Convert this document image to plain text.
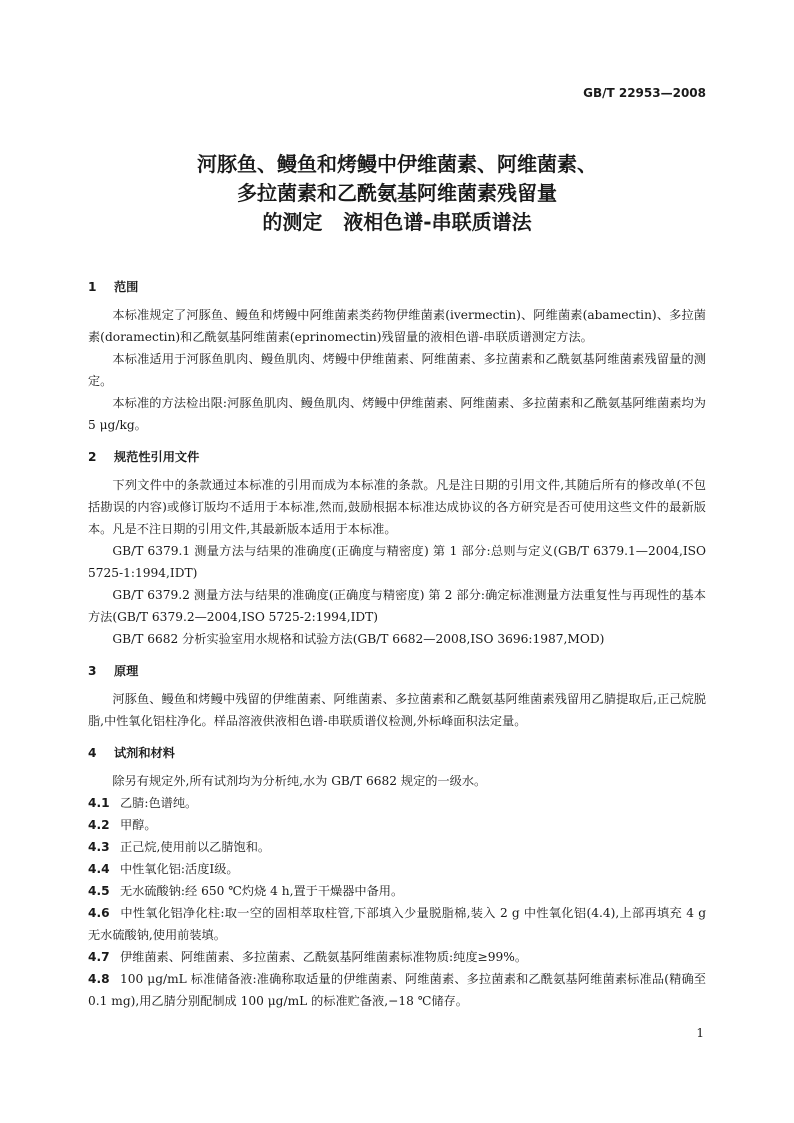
GB/T 22953—2008
河豚鱼、鳗鱼和烤鳗中伊维菌素、阿维菌素、
多拉菌素和乙酰氨基阿维菌素残留量
的测定   液相色谱-串联质谱法
1 范围

本标准规定了河豚鱼、鳗鱼和烤鳗中阿维菌素类药物伊维菌素(ivermectin)、阿维菌素(abamectin)、多拉菌素(doramectin)和乙酰氨基阿维菌素(eprinomectin)残留量的液相色谱-串联质谱测定方法。

本标准适用于河豚鱼肌肉、鳗鱼肌肉、烤鳗中伊维菌素、阿维菌素、多拉菌素和乙酰氨基阿维菌素残留量的测定。

本标准的方法检出限:河豚鱼肌肉、鳗鱼肌肉、烤鳗中伊维菌素、阿维菌素、多拉菌素和乙酰氨基阿维菌素均为 5 μg/kg。

2 规范性引用文件

下列文件中的条款通过本标准的引用而成为本标准的条款。凡是注日期的引用文件,其随后所有的修改单(不包括勘误的内容)或修订版均不适用于本标准,然而,鼓励根据本标准达成协议的各方研究是否可使用这些文件的最新版本。凡是不注日期的引用文件,其最新版本适用于本标准。

GB/T 6379.1 测量方法与结果的准确度(正确度与精密度) 第 1 部分:总则与定义(GB/T 6379.1—2004,ISO 5725-1:1994,IDT)

GB/T 6379.2 测量方法与结果的准确度(正确度与精密度) 第 2 部分:确定标准测量方法重复性与再现性的基本方法(GB/T 6379.2—2004,ISO 5725-2:1994,IDT)

GB/T 6682 分析实验室用水规格和试验方法(GB/T 6682—2008,ISO 3696:1987,MOD)

3 原理

河豚鱼、鳗鱼和烤鳗中残留的伊维菌素、阿维菌素、多拉菌素和乙酰氨基阿维菌素残留用乙腈提取后,正己烷脱脂,中性氧化铝柱净化。样品溶液供液相色谱-串联质谱仪检测,外标峰面积法定量。

4 试剂和材料

除另有规定外,所有试剂均为分析纯,水为 GB/T 6682 规定的一级水。

4.1 乙腈:色谱纯。
4.2 甲醇。
4.3 正己烷,使用前以乙腈饱和。
4.4 中性氧化铝:活度Ⅰ级。
4.5 无水硫酸钠:经 650 ℃灼烧 4 h,置于干燥器中备用。
4.6 中性氧化铝净化柱:取一空的固相萃取柱管,下部填入少量脱脂棉,装入 2 g 中性氧化铝(4.4),上部再填充 4 g 无水硫酸钠,使用前装填。
4.7 伊维菌素、阿维菌素、多拉菌素、乙酰氨基阿维菌素标准物质:纯度≥99%。
4.8 100 μg/mL 标准储备液:准确称取适量的伊维菌素、阿维菌素、多拉菌素和乙酰氨基阿维菌素标准品(精确至 0.1 mg),用乙腈分别配制成 100 μg/mL 的标准贮备液,−18 ℃储存。
1
